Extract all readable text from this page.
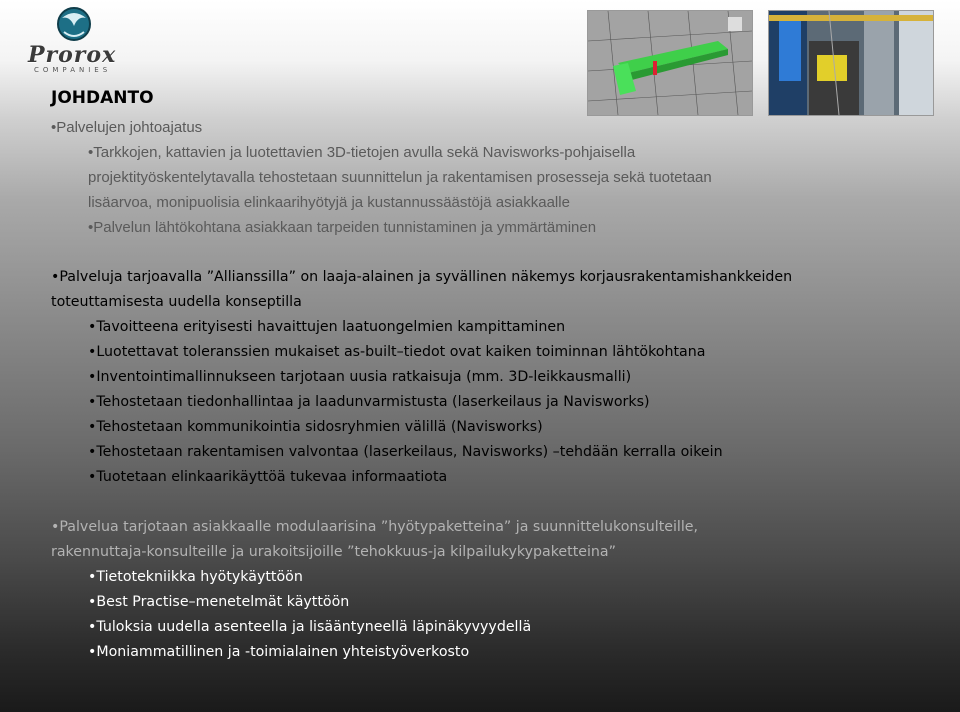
Prorox
COMPANIES
JOHDANTO
•Palvelujen johtoajatus
•Tarkkojen, kattavien ja luotettavien 3D-tietojen avulla sekä Navisworks-pohjaisella
projektityöskentelytavalla tehostetaan suunnittelun ja rakentamisen prosesseja sekä tuotetaan
lisäarvoa, monipuolisia elinkaarihyötyjä ja kustannussäästöjä asiakkaalle
•Palvelun lähtökohtana asiakkaan tarpeiden tunnistaminen ja ymmärtäminen
•Palveluja tarjoavalla ”Allianssilla” on laaja-alainen ja syvällinen näkemys korjausrakentamishankkeiden
toteuttamisesta uudella konseptilla
•Tavoitteena erityisesti havaittujen laatuongelmien kampittaminen
•Luotettavat toleranssien mukaiset as-built–tiedot ovat kaiken toiminnan lähtökohtana
•Inventointimallinnukseen tarjotaan uusia ratkaisuja (mm. 3D-leikkausmalli)
•Tehostetaan tiedonhallintaa ja laadunvarmistusta (laserkeilaus ja Navisworks)
•Tehostetaan kommunikointia sidosryhmien välillä (Navisworks)
•Tehostetaan rakentamisen valvontaa (laserkeilaus, Navisworks) –tehdään kerralla oikein
•Tuotetaan elinkaarikäyttöä tukevaa informaatiota
•Palvelua tarjotaan asiakkaalle modulaarisina ”hyötypaketteina” ja suunnittelukonsulteille,
rakennuttaja-konsulteille ja urakoitsijoille ”tehokkuus-ja kilpailukykypaketteina”
•Tietotekniikka hyötykäyttöön
•Best Practise–menetelmät käyttöön
•Tuloksia uudella asenteella ja lisääntyneellä läpinäkyvyydellä
•Moniammatillinen ja -toimialainen yhteistyöverkosto
